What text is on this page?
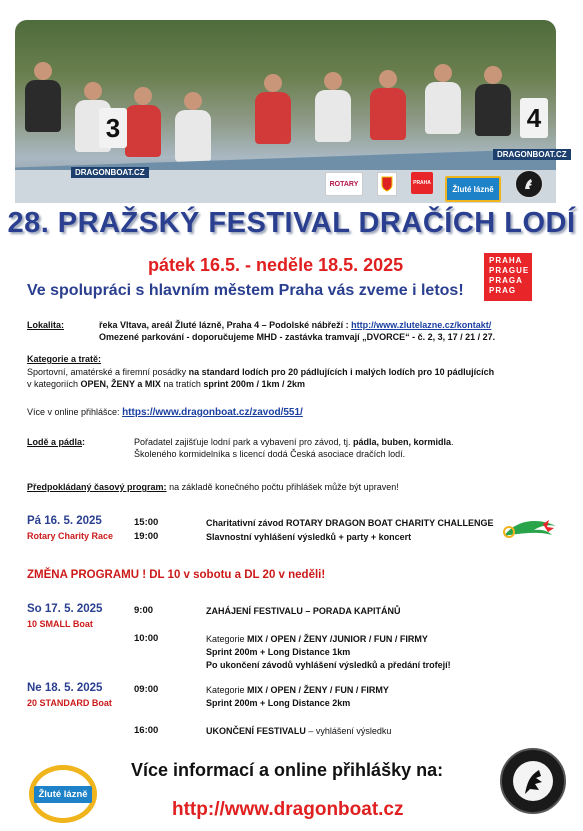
3	4
DRAGONBOAT.CZ
DRAGONBOAT.CZ
ROTARY	PRAHA
Žluté lázně
28. PRAŽSKÝ FESTIVAL DRAČÍCH LODÍ
pátek 16.5. - neděle 18.5. 2025
Ve spolupráci s hlavním městem Praha vás zveme i letos!
PRAHA
PRAGUE
PRAGA
PRAG
Lokalita:	řeka Vltava, areál Žluté lázně, Praha 4 – Podolské nábřeží : http://www.zlutelazne.cz/kontakt/
Omezené parkování - doporučujeme MHD - zastávka tramvají „DVORCE“ - č. 2, 3, 17 / 21 / 27.
Kategorie a tratě:
Sportovní, amatérské a firemní posádky na standard lodích pro 20 pádlujících i malých lodích pro 10 pádlujících
v kategoriích OPEN, ŽENY a MIX na tratích sprint 200m / 1km / 2km
Více v online přihlášce: https://www.dragonboat.cz/zavod/551/
Lodě a pádla:	Pořadatel zajišťuje lodní park a vybavení pro závod, tj. pádla, buben, kormidla.
Školeného kormidelníka s licencí dodá Česká asociace dračích lodí.
Předpokládaný časový program: na základě konečného počtu přihlášek může být upraven!
Pá 16. 5. 2025
Rotary Charity Race
15:00	Charitativní závod ROTARY DRAGON BOAT CHARITY CHALLENGE
19:00	Slavnostní vyhlášení výsledků + party + koncert
ZMĚNA PROGRAMU ! DL 10 v sobotu a DL 20 v neděli!
So 17. 5. 2025
10 SMALL Boat
9:00	ZAHÁJENÍ FESTIVALU – PORADA KAPITÁNŮ
10:00	Kategorie MIX / OPEN / ŽENY /JUNIOR / FUN / FIRMY
Sprint 200m + Long Distance 1km
Po ukončení závodů vyhlášení výsledků a předání trofejí!
Ne 18. 5. 2025
20 STANDARD Boat
09:00	Kategorie MIX / OPEN / ŽENY / FUN / FIRMY
Sprint 200m + Long Distance 2km
16:00	UKONČENÍ FESTIVALU – vyhlášení výsledku
Žluté lázně
Více informací a online přihlášky na:
http://www.dragonboat.cz
